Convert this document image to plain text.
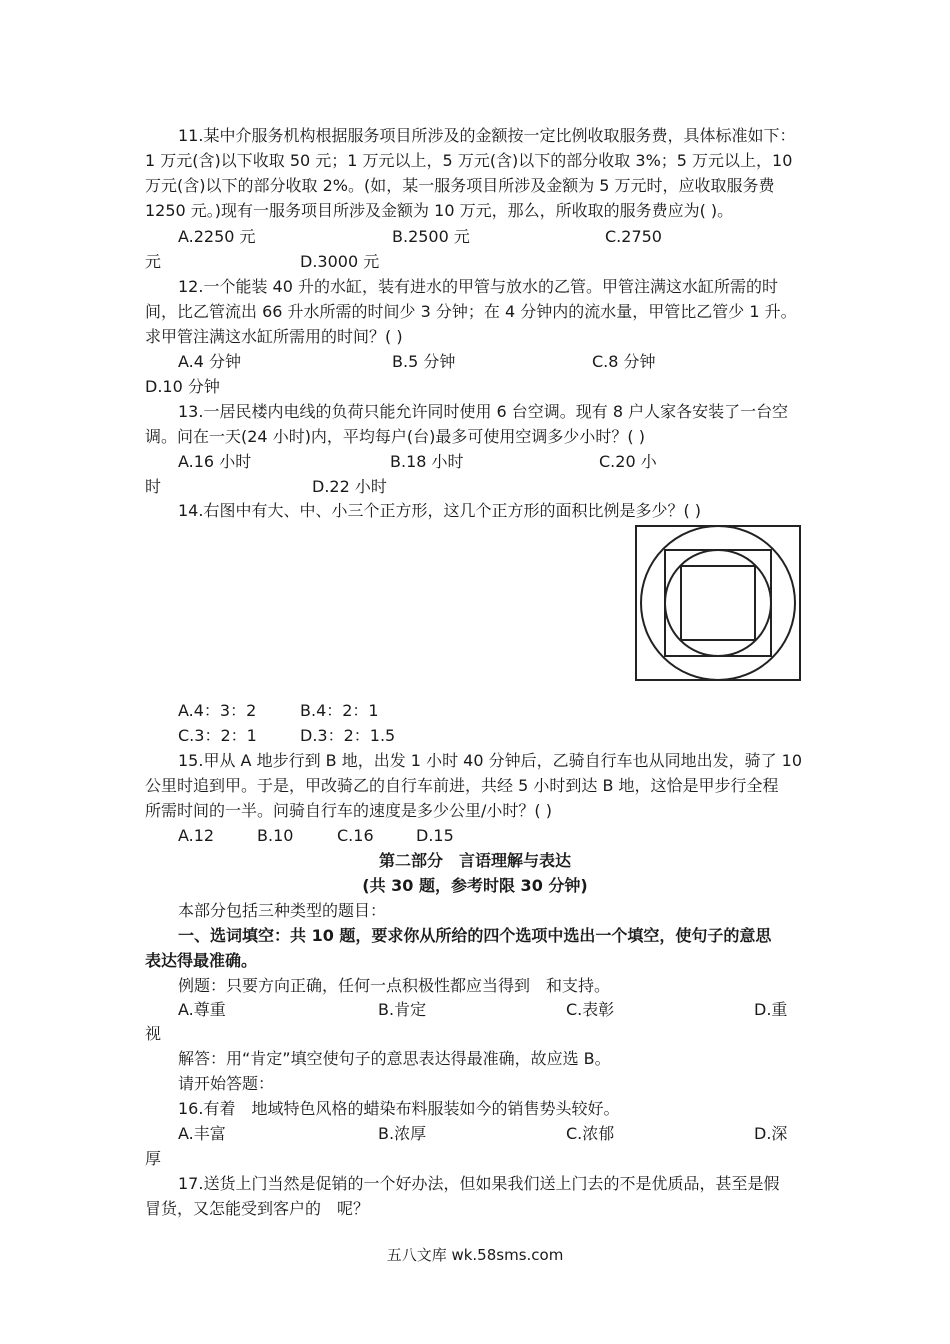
11.某中介服务机构根据服务项目所涉及的金额按一定比例收取服务费，具体标准如下：
1 万元(含)以下收取 50 元；1 万元以上，5 万元(含)以下的部分收取 3%；5 万元以上，10
万元(含)以下的部分收取 2%。(如，某一服务项目所涉及金额为 5 万元时，应收取服务费
1250 元。)现有一服务项目所涉及金额为 10 万元，那么，所收取的服务费应为( )。
A.2250 元	B.2500 元	C.2750
元	D.3000 元
12.一个能装 40 升的水缸，装有进水的甲管与放水的乙管。甲管注满这水缸所需的时
间，比乙管流出 66 升水所需的时间少 3 分钟；在 4 分钟内的流水量，甲管比乙管少 1 升。
求甲管注满这水缸所需用的时间？( )
A.4 分钟	B.5 分钟	C.8 分钟
D.10 分钟
13.一居民楼内电线的负荷只能允许同时使用 6 台空调。现有 8 户人家各安装了一台空
调。问在一天(24 小时)内，平均每户(台)最多可使用空调多少小时？( )
A.16 小时	B.18 小时	C.20 小
时	D.22 小时
14.右图中有大、中、小三个正方形，这几个正方形的面积比例是多少？( )
A.4：3：2	B.4：2：1
C.3：2：1	D.3：2：1.5
15.甲从 A 地步行到 B 地，出发 1 小时 40 分钟后，乙骑自行车也从同地出发，骑了 10
公里时追到甲。于是，甲改骑乙的自行车前进，共经 5 小时到达 B 地，这恰是甲步行全程
所需时间的一半。问骑自行车的速度是多少公里/小时？( )
A.12	B.10	C.16	D.15
第二部分　言语理解与表达
(共 30 题，参考时限 30 分钟)
本部分包括三种类型的题目：
一、选词填空：共 10 题，要求你从所给的四个选项中选出一个填空，使句子的意思
表达得最准确。
例题：只要方向正确，任何一点积极性都应当得到　和支持。
A.尊重	B.肯定	C.表彰	D.重
视
解答：用“肯定”填空使句子的意思表达得最准确，故应选 B。
请开始答题：
16.有着　地域特色风格的蜡染布料服装如今的销售势头较好。
A.丰富	B.浓厚	C.浓郁	D.深
厚
17.送货上门当然是促销的一个好办法，但如果我们送上门去的不是优质品，甚至是假
冒货，又怎能受到客户的　呢？
五八文库 wk.58sms.com
